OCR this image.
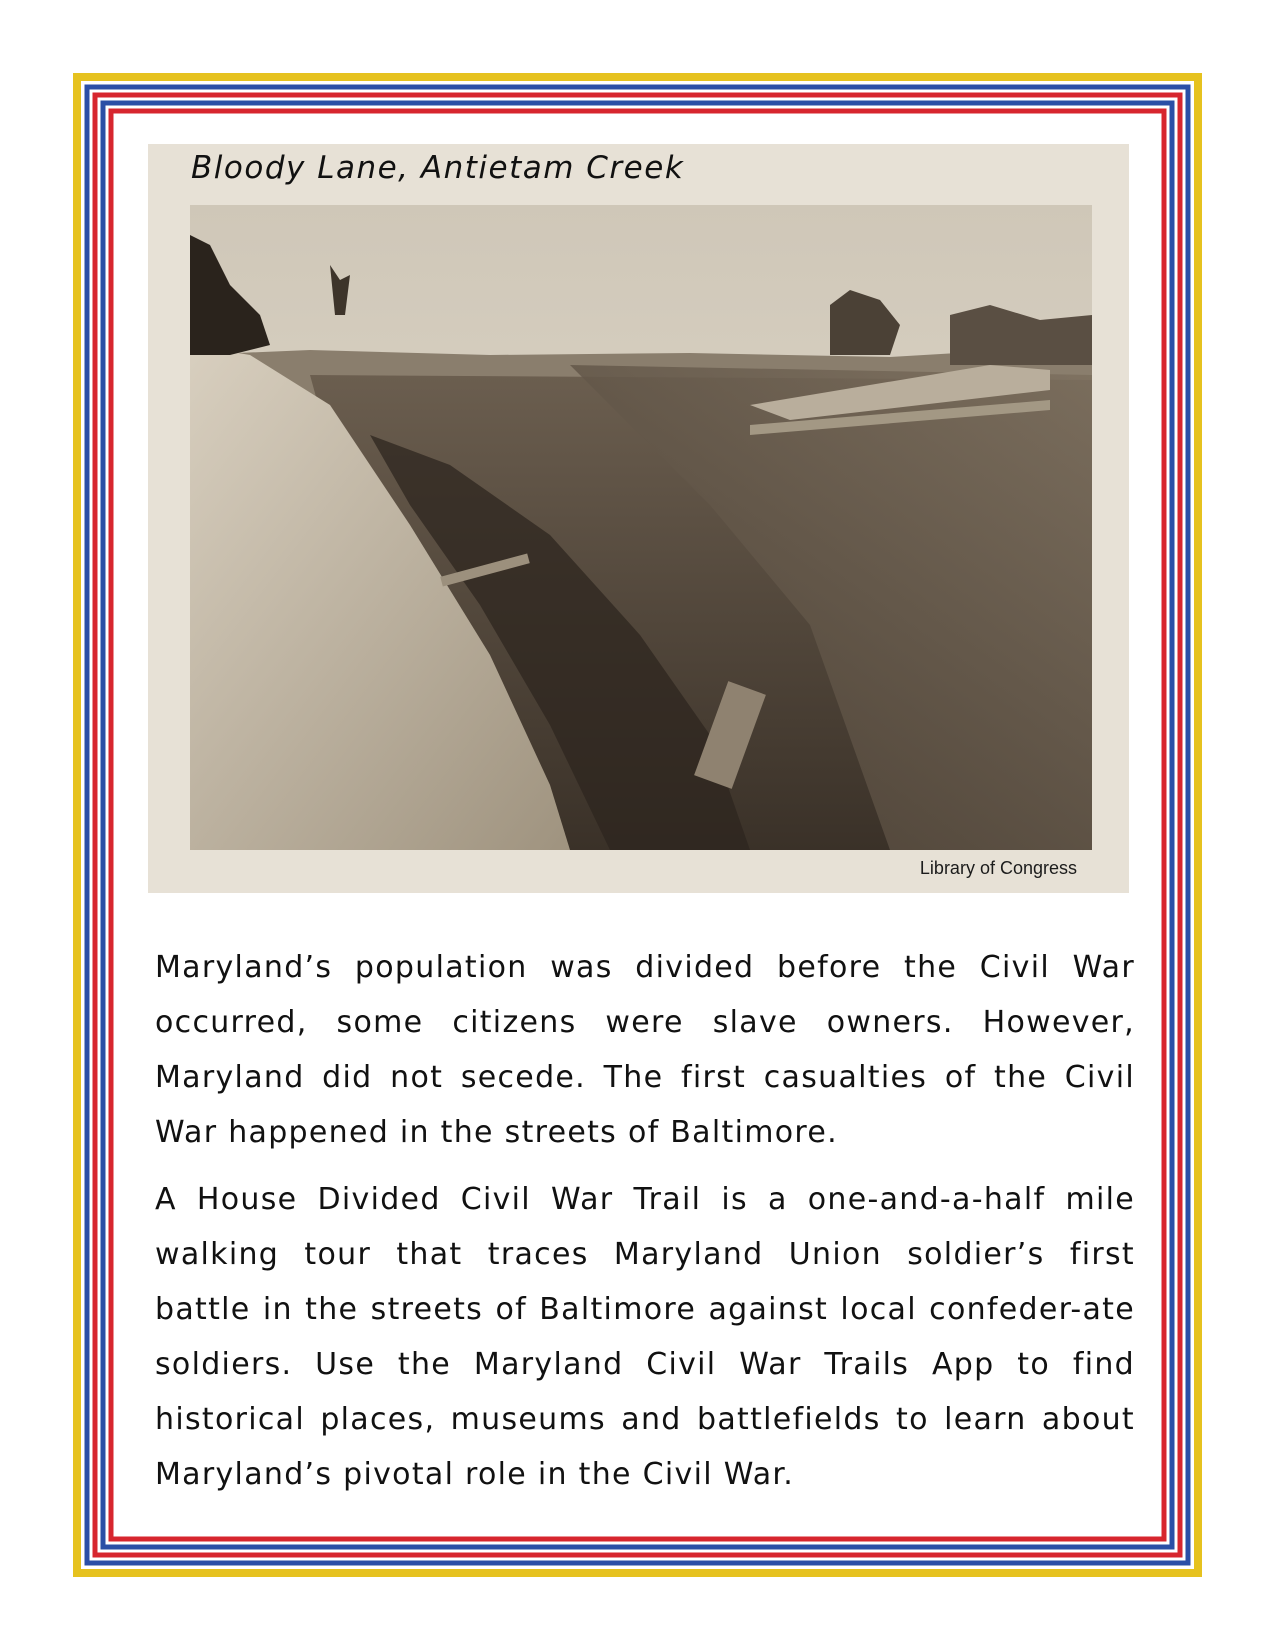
Bloody Lane, Antietam Creek
Library of Congress

Maryland’s population was divided before the Civil War occurred, some citizens were slave owners. However, Maryland did not secede. The first casualties of the Civil War happened in the streets of Baltimore.

A House Divided Civil War Trail is a one-and-a-half mile walking tour that traces Maryland Union soldier’s first battle in the streets of Baltimore against local confeder-ate soldiers. Use the Maryland Civil War Trails App to find historical places, museums and battlefields to learn about Maryland’s pivotal role in the Civil War.
